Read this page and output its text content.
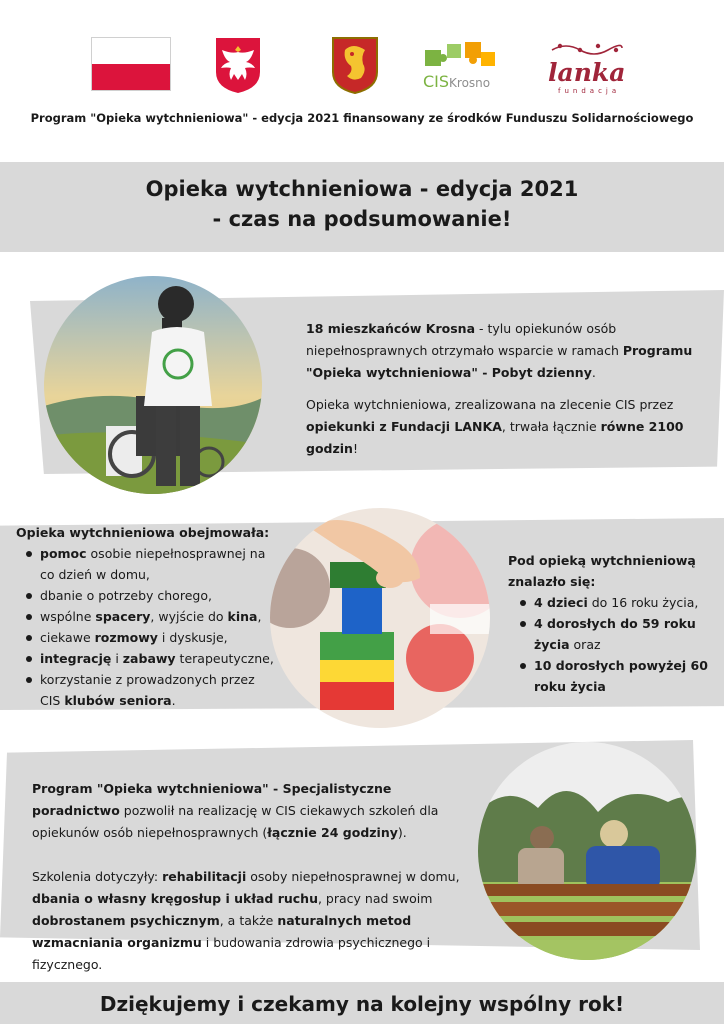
CISKrosno lanka
fundacja
Program "Opieka wytchnieniowa" - edycja 2021 finansowany ze środków Funduszu Solidarnościowego
Opieka wytchnieniowa - edycja 2021
- czas na podsumowanie!

18 mieszkańców Krosna - tylu opiekunów osób niepełnosprawnych otrzymało wsparcie w ramach Programu "Opieka wytchnieniowa" - Pobyt dzienny.

Opieka wytchnieniowa, zrealizowana na zlecenie CIS przez opiekunki z Fundacji LANKA, trwała łącznie równe 2100 godzin!

Opieka wytchnieniowa obejmowała:
pomoc osobie niepełnosprawnej na co dzień w domu,
dbanie o potrzeby chorego,
wspólne spacery, wyjście do kina,
ciekawe rozmowy i dyskusje,
integrację i zabawy terapeutyczne,
korzystanie z prowadzonych przez CIS klubów seniora.
Pod opieką wytchnieniową znalazło się:
4 dzieci do 16 roku życia,
4 dorosłych do 59 roku życia oraz
10 dorosłych powyżej 60 roku życia

Program "Opieka wytchnieniowa" - Specjalistyczne poradnictwo pozwolił na realizację w CIS ciekawych szkoleń dla opiekunów osób niepełnosprawnych (łącznie 24 godziny).

Szkolenia dotyczyły: rehabilitacji osoby niepełnosprawnej w domu, dbania o własny kręgosłup i układ ruchu, pracy nad swoim dobrostanem psychicznym, a także naturalnych metod wzmacniania organizmu i budowania zdrowia psychicznego i fizycznego.

Dziękujemy i czekamy na kolejny wspólny rok!
